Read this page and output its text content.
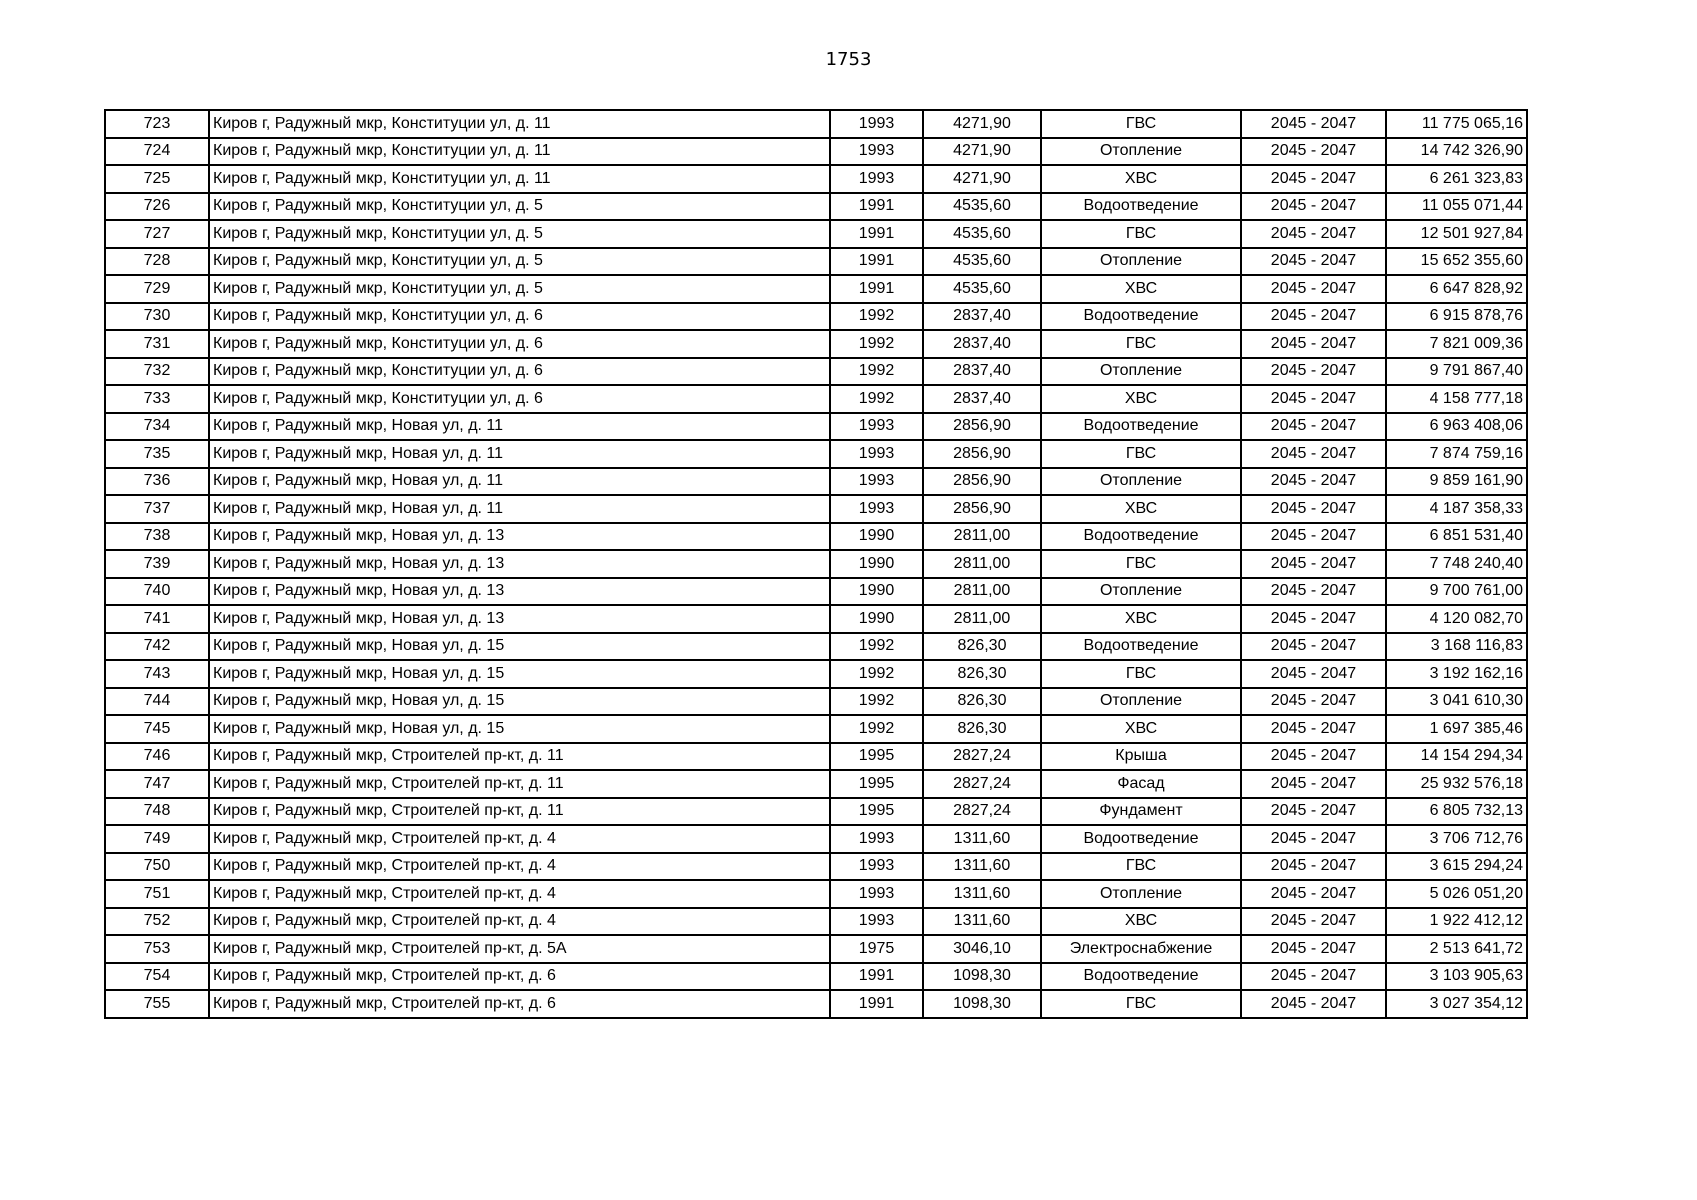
1753
723	Киров г, Радужный мкр, Конституции ул, д. 11	1993	4271,90	ГВС	2045 - 2047	11 775 065,16
724	Киров г, Радужный мкр, Конституции ул, д. 11	1993	4271,90	Отопление	2045 - 2047	14 742 326,90
725	Киров г, Радужный мкр, Конституции ул, д. 11	1993	4271,90	ХВС	2045 - 2047	6 261 323,83
726	Киров г, Радужный мкр, Конституции ул, д. 5	1991	4535,60	Водоотведение	2045 - 2047	11 055 071,44
727	Киров г, Радужный мкр, Конституции ул, д. 5	1991	4535,60	ГВС	2045 - 2047	12 501 927,84
728	Киров г, Радужный мкр, Конституции ул, д. 5	1991	4535,60	Отопление	2045 - 2047	15 652 355,60
729	Киров г, Радужный мкр, Конституции ул, д. 5	1991	4535,60	ХВС	2045 - 2047	6 647 828,92
730	Киров г, Радужный мкр, Конституции ул, д. 6	1992	2837,40	Водоотведение	2045 - 2047	6 915 878,76
731	Киров г, Радужный мкр, Конституции ул, д. 6	1992	2837,40	ГВС	2045 - 2047	7 821 009,36
732	Киров г, Радужный мкр, Конституции ул, д. 6	1992	2837,40	Отопление	2045 - 2047	9 791 867,40
733	Киров г, Радужный мкр, Конституции ул, д. 6	1992	2837,40	ХВС	2045 - 2047	4 158 777,18
734	Киров г, Радужный мкр, Новая ул, д. 11	1993	2856,90	Водоотведение	2045 - 2047	6 963 408,06
735	Киров г, Радужный мкр, Новая ул, д. 11	1993	2856,90	ГВС	2045 - 2047	7 874 759,16
736	Киров г, Радужный мкр, Новая ул, д. 11	1993	2856,90	Отопление	2045 - 2047	9 859 161,90
737	Киров г, Радужный мкр, Новая ул, д. 11	1993	2856,90	ХВС	2045 - 2047	4 187 358,33
738	Киров г, Радужный мкр, Новая ул, д. 13	1990	2811,00	Водоотведение	2045 - 2047	6 851 531,40
739	Киров г, Радужный мкр, Новая ул, д. 13	1990	2811,00	ГВС	2045 - 2047	7 748 240,40
740	Киров г, Радужный мкр, Новая ул, д. 13	1990	2811,00	Отопление	2045 - 2047	9 700 761,00
741	Киров г, Радужный мкр, Новая ул, д. 13	1990	2811,00	ХВС	2045 - 2047	4 120 082,70
742	Киров г, Радужный мкр, Новая ул, д. 15	1992	826,30	Водоотведение	2045 - 2047	3 168 116,83
743	Киров г, Радужный мкр, Новая ул, д. 15	1992	826,30	ГВС	2045 - 2047	3 192 162,16
744	Киров г, Радужный мкр, Новая ул, д. 15	1992	826,30	Отопление	2045 - 2047	3 041 610,30
745	Киров г, Радужный мкр, Новая ул, д. 15	1992	826,30	ХВС	2045 - 2047	1 697 385,46
746	Киров г, Радужный мкр, Строителей пр-кт, д. 11	1995	2827,24	Крыша	2045 - 2047	14 154 294,34
747	Киров г, Радужный мкр, Строителей пр-кт, д. 11	1995	2827,24	Фасад	2045 - 2047	25 932 576,18
748	Киров г, Радужный мкр, Строителей пр-кт, д. 11	1995	2827,24	Фундамент	2045 - 2047	6 805 732,13
749	Киров г, Радужный мкр, Строителей пр-кт, д. 4	1993	1311,60	Водоотведение	2045 - 2047	3 706 712,76
750	Киров г, Радужный мкр, Строителей пр-кт, д. 4	1993	1311,60	ГВС	2045 - 2047	3 615 294,24
751	Киров г, Радужный мкр, Строителей пр-кт, д. 4	1993	1311,60	Отопление	2045 - 2047	5 026 051,20
752	Киров г, Радужный мкр, Строителей пр-кт, д. 4	1993	1311,60	ХВС	2045 - 2047	1 922 412,12
753	Киров г, Радужный мкр, Строителей пр-кт, д. 5А	1975	3046,10	Электроснабжение	2045 - 2047	2 513 641,72
754	Киров г, Радужный мкр, Строителей пр-кт, д. 6	1991	1098,30	Водоотведение	2045 - 2047	3 103 905,63
755	Киров г, Радужный мкр, Строителей пр-кт, д. 6	1991	1098,30	ГВС	2045 - 2047	3 027 354,12
